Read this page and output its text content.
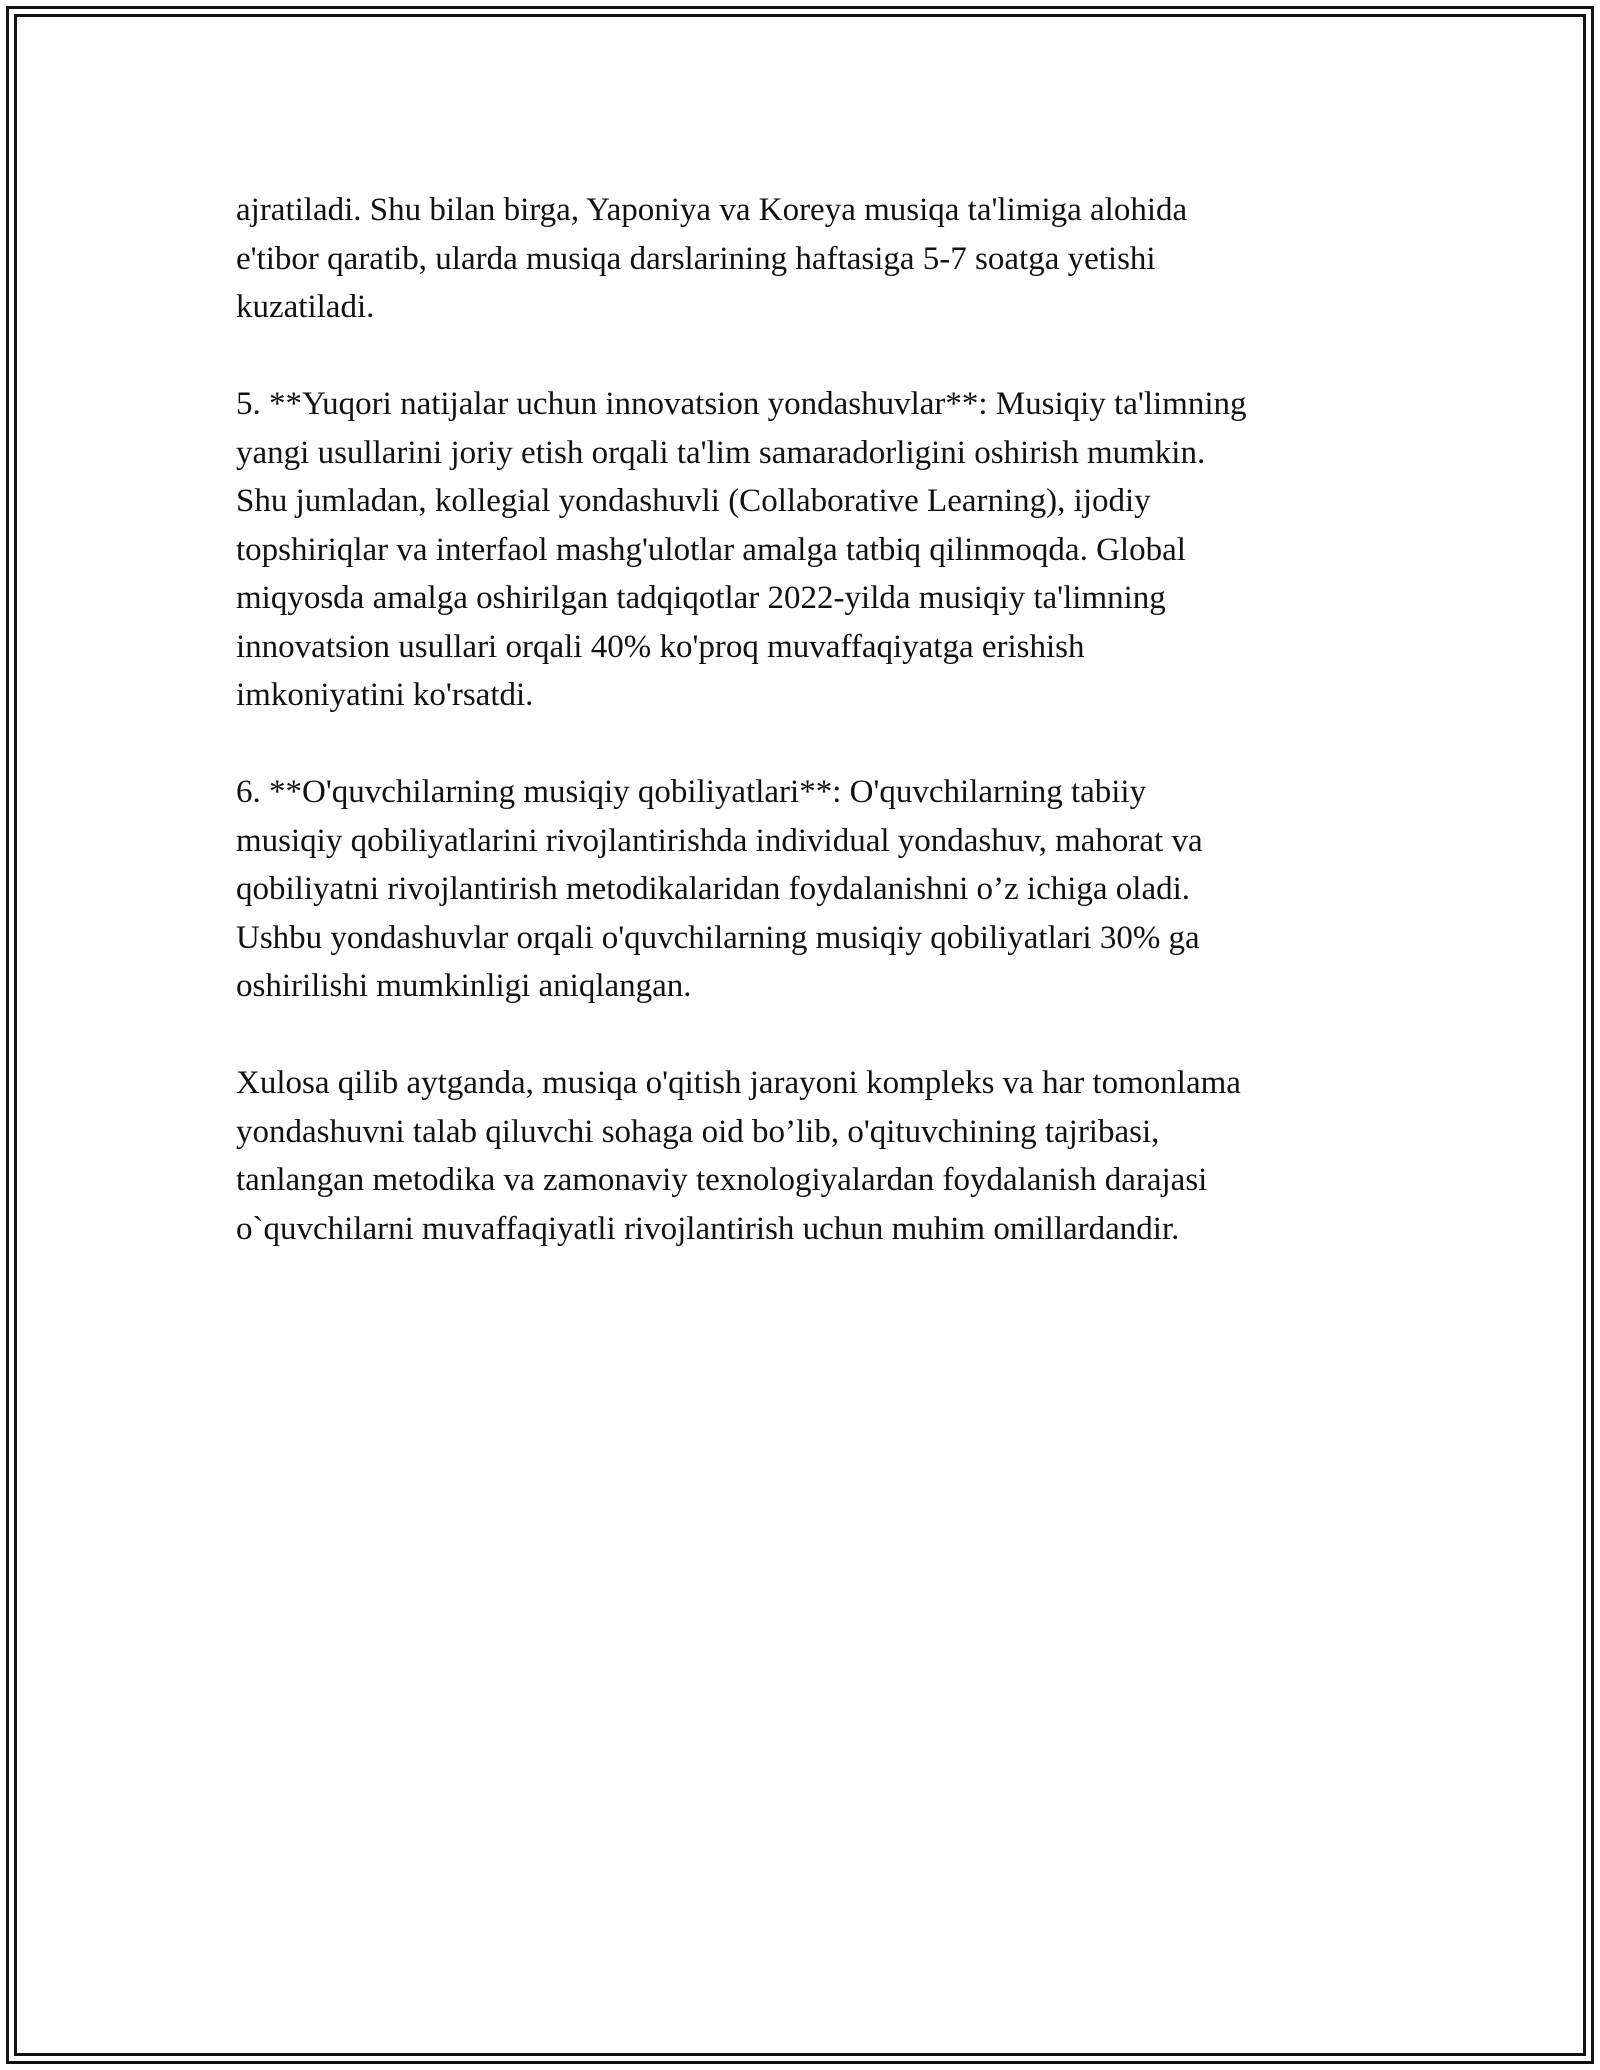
ajratiladi. Shu bilan birga, Yaponiya va Koreya musiqa ta'limiga alohida
e'tibor qaratib, ularda musiqa darslarining haftasiga 5-7 soatga yetishi
kuzatiladi.

5. **Yuqori natijalar uchun innovatsion yondashuvlar**: Musiqiy ta'limning
yangi usullarini joriy etish orqali ta'lim samaradorligini oshirish mumkin.
Shu jumladan, kollegial yondashuvli (Collaborative Learning), ijodiy
topshiriqlar va interfaol mashg'ulotlar amalga tatbiq qilinmoqda. Global
miqyosda amalga oshirilgan tadqiqotlar 2022-yilda musiqiy ta'limning
innovatsion usullari orqali 40% ko'proq muvaffaqiyatga erishish
imkoniyatini ko'rsatdi.

6. **O'quvchilarning musiqiy qobiliyatlari**: O'quvchilarning tabiiy
musiqiy qobiliyatlarini rivojlantirishda individual yondashuv, mahorat va
qobiliyatni rivojlantirish metodikalaridan foydalanishni o’z ichiga oladi.
Ushbu yondashuvlar orqali o'quvchilarning musiqiy qobiliyatlari 30% ga
oshirilishi mumkinligi aniqlangan.

Xulosa qilib aytganda, musiqa o'qitish jarayoni kompleks va har tomonlama
yondashuvni talab qiluvchi sohaga oid bo’lib, o'qituvchining tajribasi,
tanlangan metodika va zamonaviy texnologiyalardan foydalanish darajasi
o`quvchilarni muvaffaqiyatli rivojlantirish uchun muhim omillardandir.
